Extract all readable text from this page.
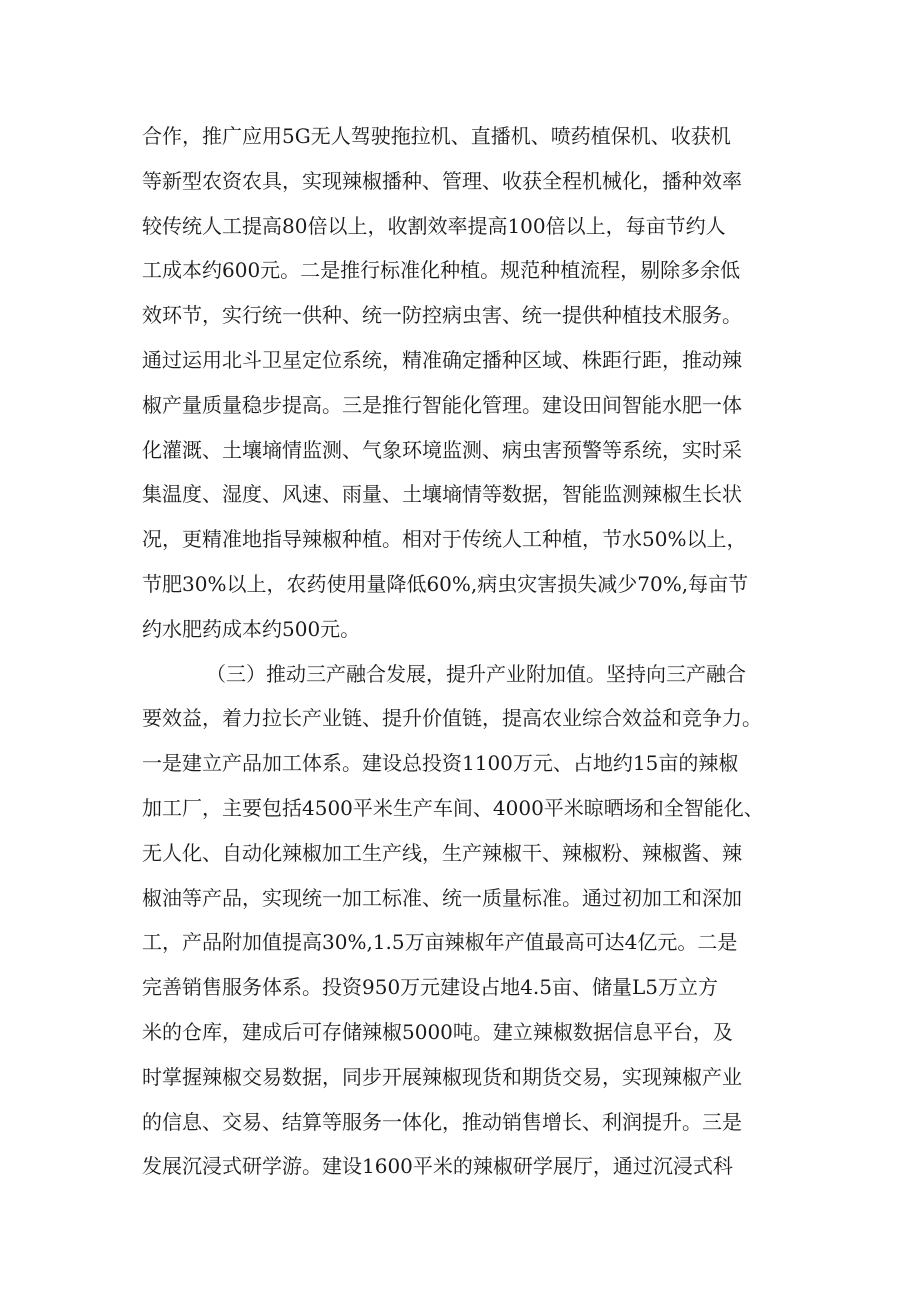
合作，推广应用5G无人驾驶拖拉机、直播机、喷药植保机、收获机
等新型农资农具，实现辣椒播种、管理、收获全程机械化，播种效率
较传统人工提高80倍以上，收割效率提高100倍以上，每亩节约人
工成本约600元。二是推行标准化种植。规范种植流程，剔除多余低
效环节，实行统一供种、统一防控病虫害、统一提供种植技术服务。
通过运用北斗卫星定位系统，精准确定播种区域、株距行距，推动辣
椒产量质量稳步提高。三是推行智能化管理。建设田间智能水肥一体
化灌溉、土壤墒情监测、气象环境监测、病虫害预警等系统，实时采
集温度、湿度、风速、雨量、土壤墒情等数据，智能监测辣椒生长状
况，更精准地指导辣椒种植。相对于传统人工种植，节水50%以上，
节肥30%以上，农药使用量降低60%,病虫灾害损失减少70%,每亩节
约水肥药成本约500元。
（三）推动三产融合发展，提升产业附加值。坚持向三产融合
要效益，着力拉长产业链、提升价值链，提高农业综合效益和竞争力。
一是建立产品加工体系。建设总投资1100万元、占地约15亩的辣椒
加工厂，主要包括4500平米生产车间、4000平米晾晒场和全智能化、
无人化、自动化辣椒加工生产线，生产辣椒干、辣椒粉、辣椒酱、辣
椒油等产品，实现统一加工标准、统一质量标准。通过初加工和深加
工，产品附加值提高30%,1.5万亩辣椒年产值最高可达4亿元。二是
完善销售服务体系。投资950万元建设占地4.5亩、储量L5万立方
米的仓库，建成后可存储辣椒5000吨。建立辣椒数据信息平台，及
时掌握辣椒交易数据，同步开展辣椒现货和期货交易，实现辣椒产业
的信息、交易、结算等服务一体化，推动销售增长、利润提升。三是
发展沉浸式研学游。建设1600平米的辣椒研学展厅，通过沉浸式科
